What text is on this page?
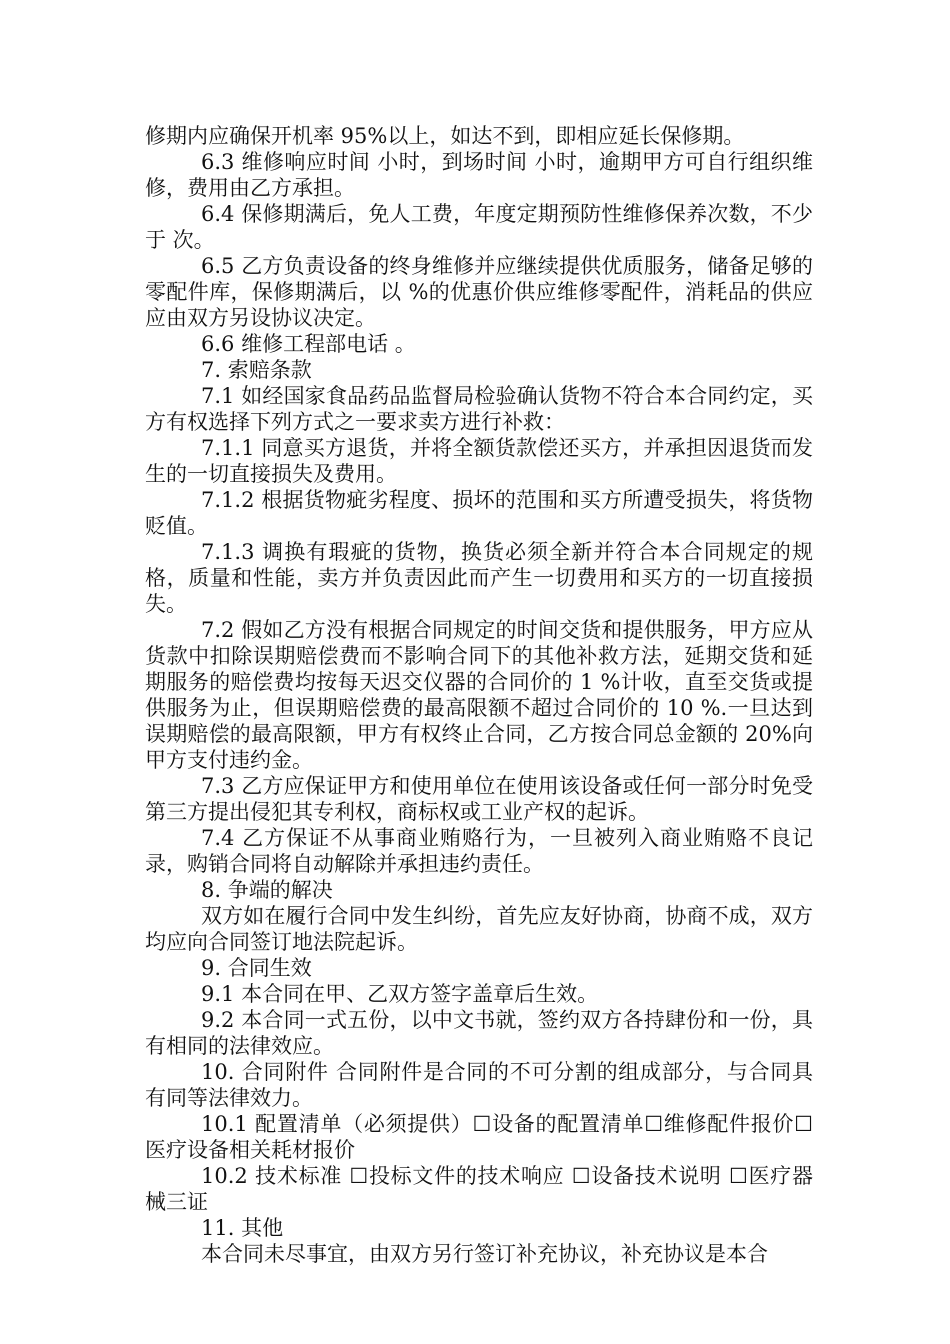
修期内应确保开机率 95%以上，如达不到，即相应延长保修期。

6.3 维修响应时间 小时，到场时间 小时，逾期甲方可自行组织维修，费用由乙方承担。

6.4 保修期满后，免人工费，年度定期预防性维修保养次数，不少于 次。

6.5 乙方负责设备的终身维修并应继续提供优质服务，储备足够的零配件库，保修期满后，以 %的优惠价供应维修零配件，消耗品的供应应由双方另设协议决定。

6.6 维修工程部电话 。

7. 索赔条款

7.1 如经国家食品药品监督局检验确认货物不符合本合同约定，买方有权选择下列方式之一要求卖方进行补救：

7.1.1 同意买方退货，并将全额货款偿还买方，并承担因退货而发生的一切直接损失及费用。

7.1.2 根据货物疵劣程度、损坏的范围和买方所遭受损失，将货物贬值。

7.1.3 调换有瑕疵的货物，换货必须全新并符合本合同规定的规格，质量和性能，卖方并负责因此而产生一切费用和买方的一切直接损失。

7.2 假如乙方没有根据合同规定的时间交货和提供服务，甲方应从货款中扣除误期赔偿费而不影响合同下的其他补救方法，延期交货和延期服务的赔偿费均按每天迟交仪器的合同价的 1 %计收，直至交货或提供服务为止，但误期赔偿费的最高限额不超过合同价的 10 %.一旦达到误期赔偿的最高限额，甲方有权终止合同，乙方按合同总金额的 20%向甲方支付违约金。

7.3 乙方应保证甲方和使用单位在使用该设备或任何一部分时免受第三方提出侵犯其专利权，商标权或工业产权的起诉。

7.4 乙方保证不从事商业贿赂行为，一旦被列入商业贿赂不良记录，购销合同将自动解除并承担违约责任。

8. 争端的解决

双方如在履行合同中发生纠纷，首先应友好协商，协商不成，双方均应向合同签订地法院起诉。

9. 合同生效

9.1 本合同在甲、乙双方签字盖章后生效。

9.2 本合同一式五份，以中文书就，签约双方各持肆份和一份，具有相同的法律效应。

10. 合同附件 合同附件是合同的不可分割的组成部分，与合同具有同等法律效力。

10.1 配置清单（必须提供）☐设备的配置清单☐维修配件报价☐医疗设备相关耗材报价

10.2 技术标准 ☐投标文件的技术响应 ☐设备技术说明 ☐医疗器械三证

11. 其他

本合同未尽事宜，由双方另行签订补充协议，补充协议是本合
